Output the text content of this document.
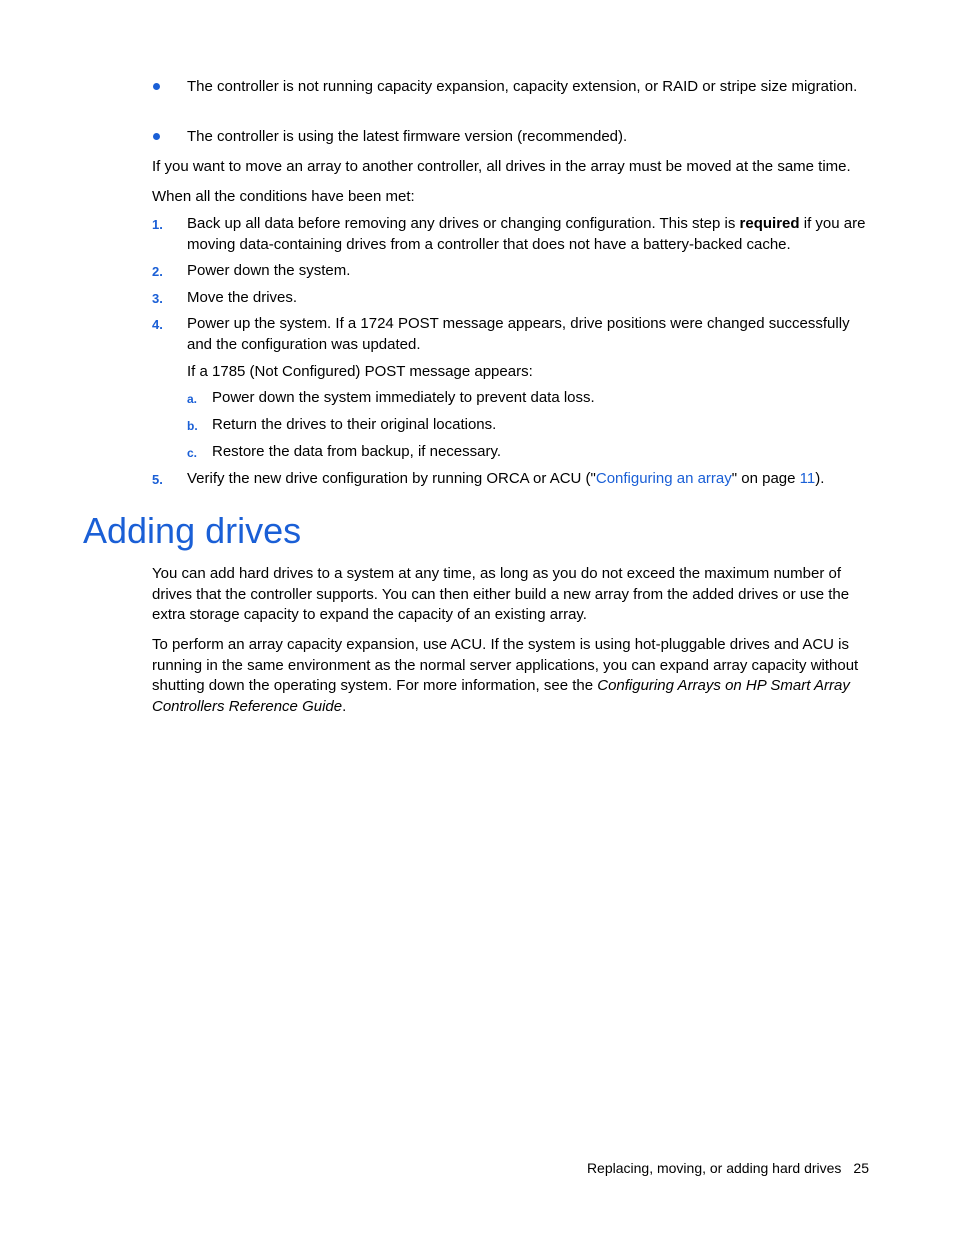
The controller is not running capacity expansion, capacity extension, or RAID or stripe size migration.
The controller is using the latest firmware version (recommended).
If you want to move an array to another controller, all drives in the array must be moved at the same time.
When all the conditions have been met:
1. Back up all data before removing any drives or changing configuration. This step is required if you are moving data-containing drives from a controller that does not have a battery-backed cache.
2. Power down the system.
3. Move the drives.
4. Power up the system. If a 1724 POST message appears, drive positions were changed successfully and the configuration was updated.
If a 1785 (Not Configured) POST message appears:
a. Power down the system immediately to prevent data loss.
b. Return the drives to their original locations.
c. Restore the data from backup, if necessary.
5. Verify the new drive configuration by running ORCA or ACU ("Configuring an array" on page 11).
Adding drives
You can add hard drives to a system at any time, as long as you do not exceed the maximum number of drives that the controller supports. You can then either build a new array from the added drives or use the extra storage capacity to expand the capacity of an existing array.
To perform an array capacity expansion, use ACU. If the system is using hot-pluggable drives and ACU is running in the same environment as the normal server applications, you can expand array capacity without shutting down the operating system. For more information, see the Configuring Arrays on HP Smart Array Controllers Reference Guide.
Replacing, moving, or adding hard drives 25
